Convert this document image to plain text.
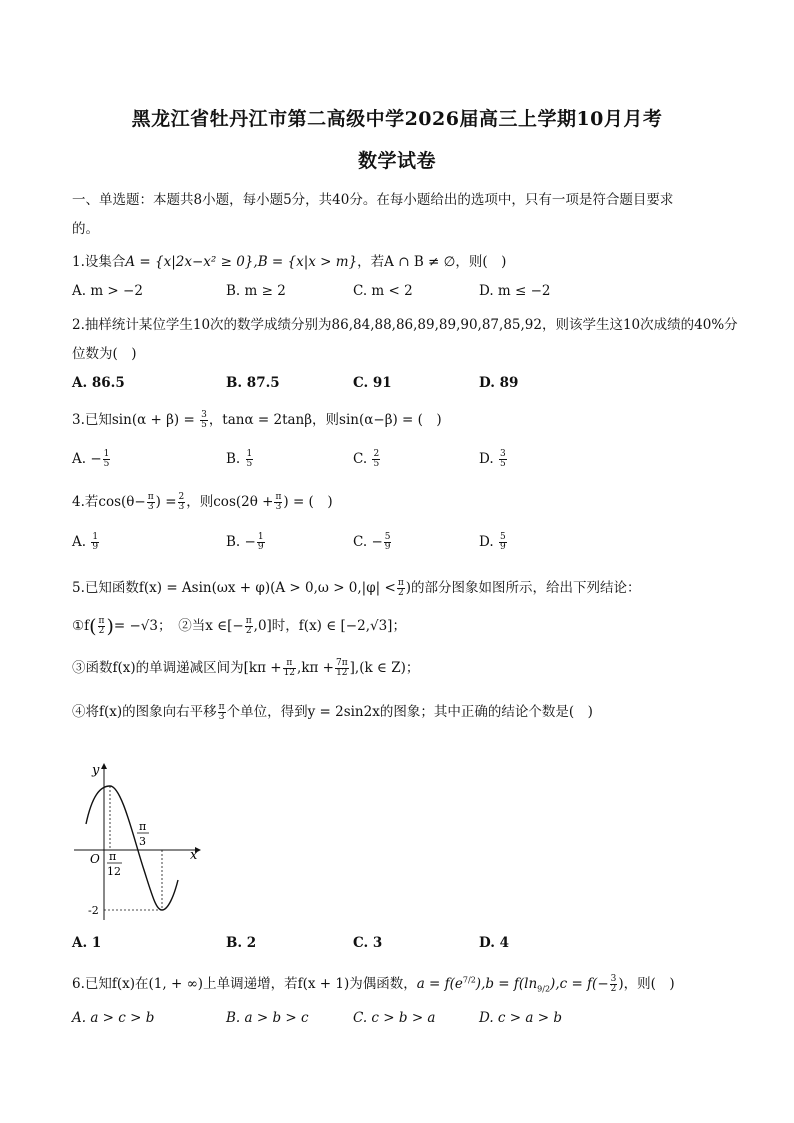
黑龙江省牡丹江市第二高级中学2026届高三上学期10月月考
数学试卷
一、单选题：本题共8小题，每小题5分，共40分。在每小题给出的选项中，只有一项是符合题目要求
的。
1.设集合A = {x|2x−x² ≥ 0},B = {x|x > m}，若A ∩ B ≠ ∅，则(　)
A. m > −2	B. m ≥ 2	C. m < 2	D. m ≤ −2
2.抽样统计某位学生10次的数学成绩分别为86,84,88,86,89,89,90,87,85,92，则该学生这10次成绩的40%分
位数为(　)
A. 86.5	B. 87.5	C. 91	D. 89
3.已知$\sin(\alpha + \beta) = \frac{3}{5}$ ，tanα = 2tanβ，则sin(α−β) = (　)
A. − $\frac{1}{5}$	B. $\frac{1}{5}$	C. $\frac{2}{5}$	D. $\frac{3}{5}$
4.若$\cos(\theta- \frac{\pi}{3}$ ) = $\frac{2}{3}$ ，则$\cos(2\theta + \frac{\pi}{3}$ ) = (　)
A. $\frac{1}{9}$	B. − $\frac{1}{9}$	C. − $\frac{5}{9}$	D. $\frac{5}{9}$
5.已知函数$f(x) = Asin(\omega x + \varphi)(A > 0,\omega > 0,|\varphi| < \frac{\pi}{2}$ )的部分图象如图所示，给出下列结论：
①f( $\frac{\pi}{2}$ )= −√3；　②当x ∈[− $\frac{\pi}{2} ,0$]时，f(x) ∈ [−2,√3]；
③函数f(x)的单调递减区间为$[k\pi + \frac{\pi}{12} ,k\pi + \frac{7\pi}{12} ],(k$ ∈ Z)；
④将f(x)的图象向右平移 $\frac{\pi}{3}$ 个单位，得到y = 2sin2x的图象；其中正确的结论个数是(　)
y
x
O π
12
π
3
-2
A. 1	B. 2	C. 3	D. 4
6.已知f(x)在(1, + ∞)上单调递增，若f(x + 1)为偶函数，$a = f(e^{7/2}),b = f(\ln_{9/2}),c = f(- \frac{3}{2}$ )，则(　)
A. a > c > b	B. a > b > c	C. c > b > a	D. c > a > b
